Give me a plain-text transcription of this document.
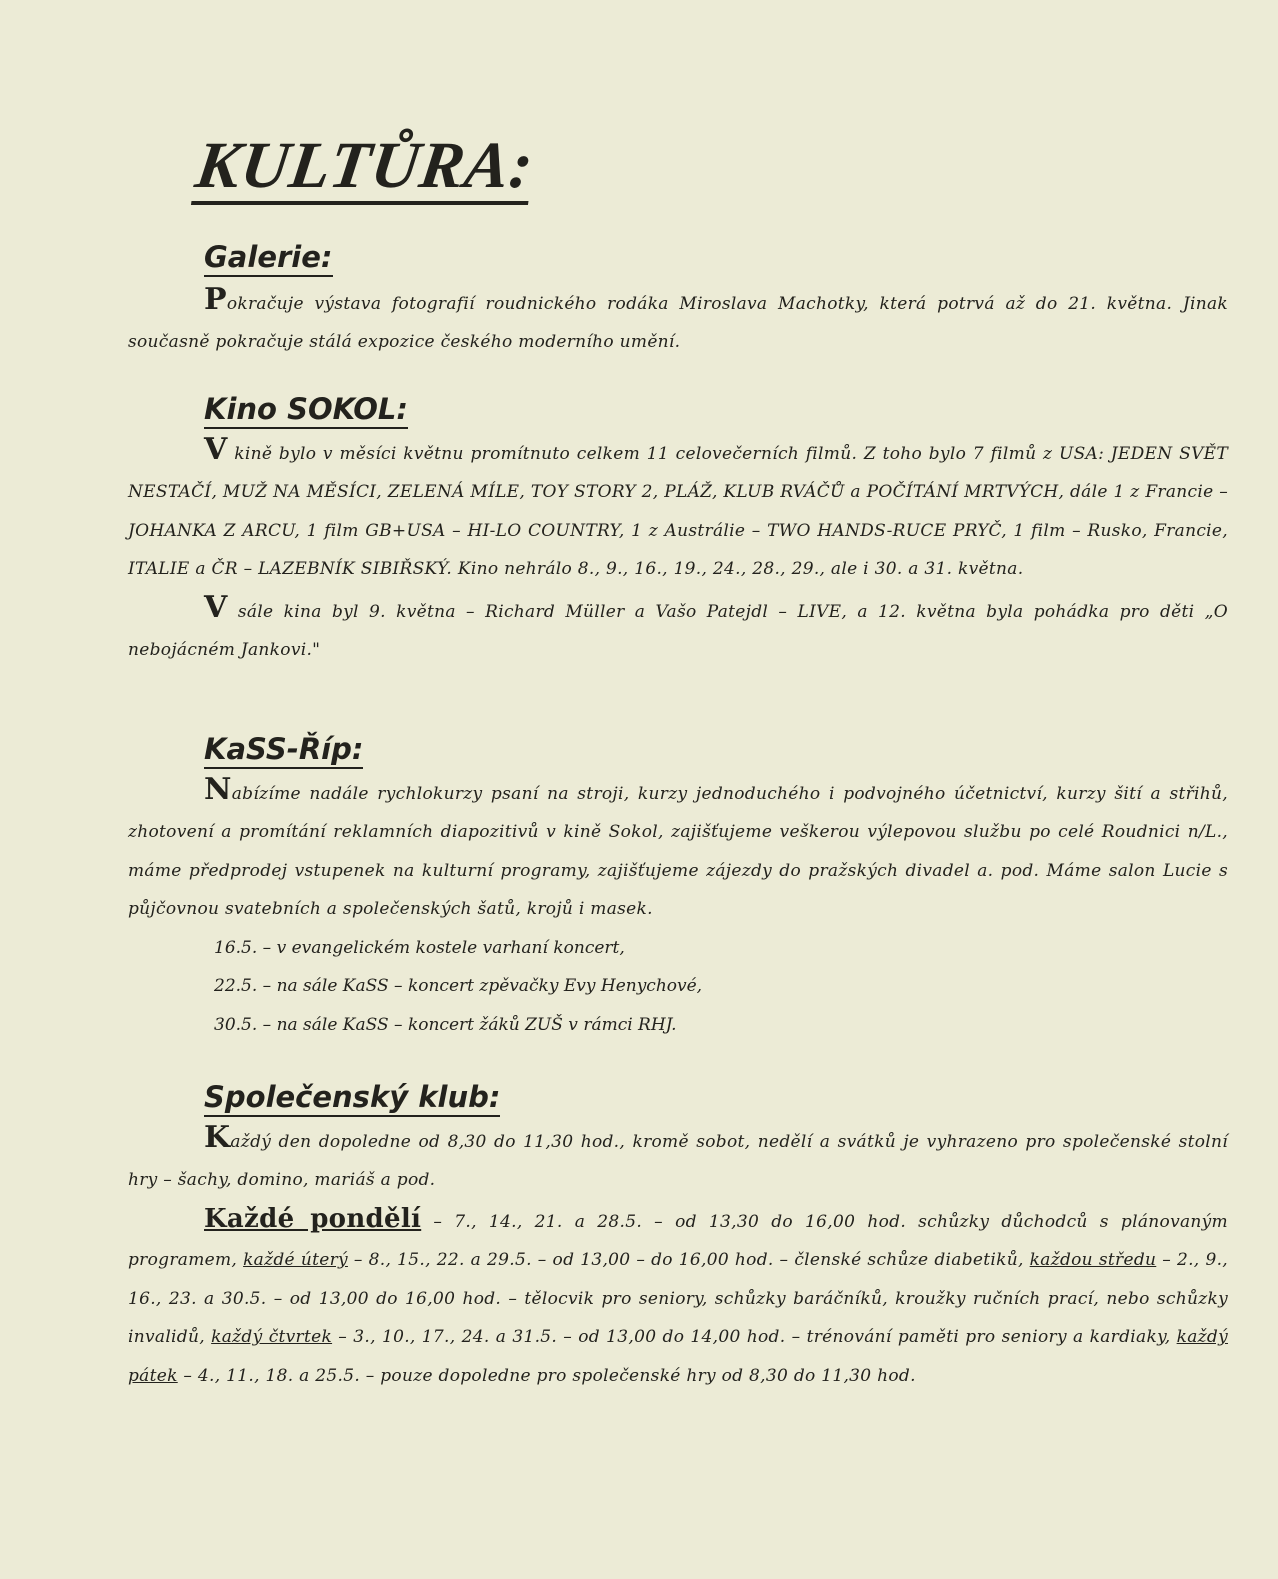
KULTŮRA:
Galerie:

Pokračuje výstava fotografií roudnického rodáka Miroslava Machotky, která potrvá až do 21. května. Jinak současně pokračuje stálá expozice českého moderního umění.

Kino SOKOL:

V kině bylo v měsíci květnu promítnuto celkem 11 celovečerních filmů. Z toho bylo 7 filmů z USA: JEDEN SVĚT NESTAČÍ, MUŽ NA MĚSÍCI, ZELENÁ MÍLE, TOY STORY 2, PLÁŽ, KLUB RVÁČŮ a POČÍTÁNÍ MRTVÝCH, dále 1 z Francie – JOHANKA Z ARCU, 1 film GB+USA – HI-LO COUNTRY, 1 z Austrálie – TWO HANDS-RUCE PRYČ, 1 film – Rusko, Francie, ITALIE a ČR – LAZEBNÍK SIBIŘSKÝ. Kino nehrálo 8., 9., 16., 19., 24., 28., 29., ale i 30. a 31. května.

V sále kina byl 9. května – Richard Müller a Vašo Patejdl – LIVE, a 12. května byla pohádka pro děti „O nebojácném Jankovi."

KaSS-Říp:

Nabízíme nadále rychlokurzy psaní na stroji, kurzy jednoduchého i podvojného účetnictví, kurzy šití a střihů, zhotovení a promítání reklamních diapozitivů v kině Sokol, zajišťujeme veškerou výlepovou službu po celé Roudnici n/L., máme předprodej vstupenek na kulturní programy, zajišťujeme zájezdy do pražských divadel a. pod. Máme salon Lucie s půjčovnou svatebních a společenských šatů, krojů i masek.

16.5. – v evangelickém kostele varhaní koncert,
22.5. – na sále KaSS – koncert zpěvačky Evy Henychové,
30.5. – na sále KaSS – koncert žáků ZUŠ v rámci RHJ.
Společenský klub:

Každý den dopoledne od 8,30 do 11,30 hod., kromě sobot, nedělí a svátků je vyhrazeno pro společenské stolní hry – šachy, domino, mariáš a pod.

Každé pondělí – 7., 14., 21. a 28.5. – od 13,30 do 16,00 hod. schůzky důchodců s plánovaným programem, každé úterý – 8., 15., 22. a 29.5. – od 13,00 – do 16,00 hod. – členské schůze diabetiků, každou středu – 2., 9., 16., 23. a 30.5. – od 13,00 do 16,00 hod. – tělocvik pro seniory, schůzky baráčníků, kroužky ručních prací, nebo schůzky invalidů, každý čtvrtek – 3., 10., 17., 24. a 31.5. – od 13,00 do 14,00 hod. – trénování paměti pro seniory a kardiaky, každý pátek – 4., 11., 18. a 25.5. – pouze dopoledne pro společenské hry od 8,30 do 11,30 hod.
